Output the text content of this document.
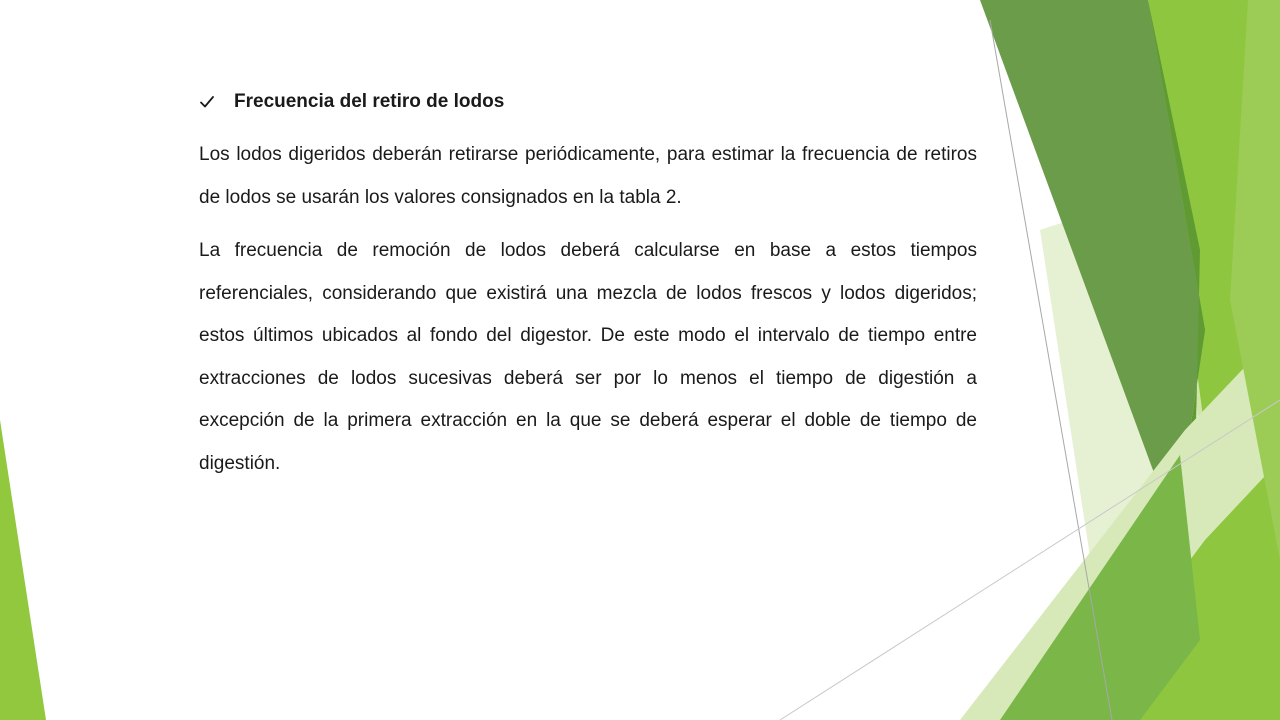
Frecuencia del retiro de lodos

Los lodos digeridos deberán retirarse periódicamente, para estimar la frecuencia de retiros de lodos se usarán los valores consignados en la tabla 2.

La frecuencia de remoción de lodos deberá calcularse en base a estos tiempos referenciales, considerando que existirá una mezcla de lodos frescos y lodos digeridos; estos últimos ubicados al fondo del digestor. De este modo el intervalo de tiempo entre extracciones de lodos sucesivas deberá ser por lo menos el tiempo de digestión a excepción de la primera extracción en la que se deberá esperar el doble de tiempo de digestión.
